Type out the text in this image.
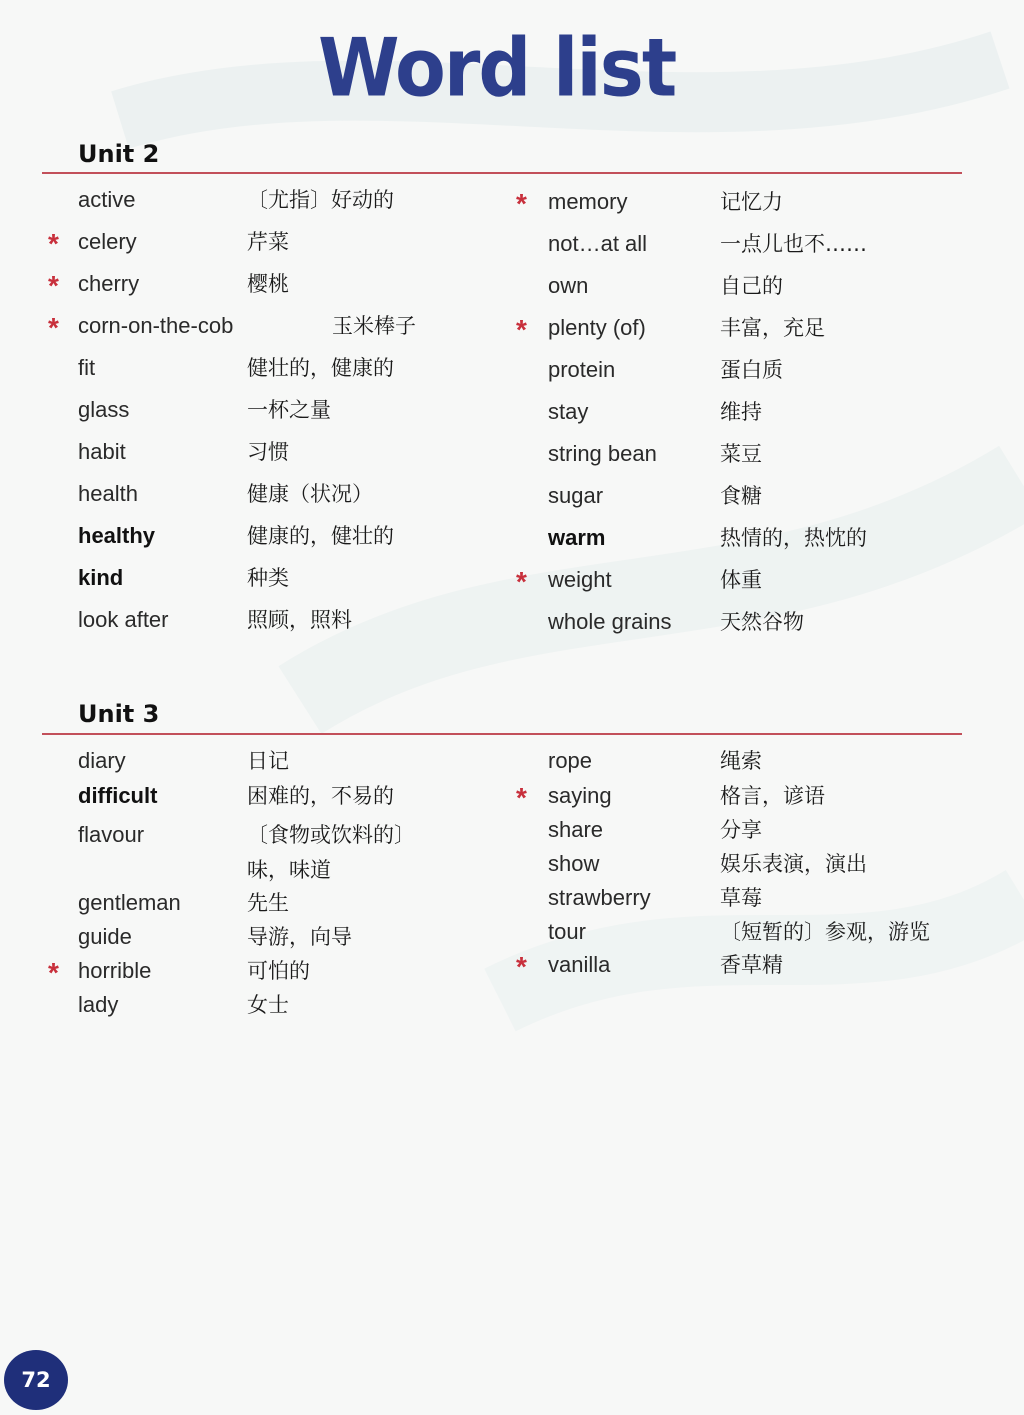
Word list
Unit 2
active	〔尤指〕好动的
* celery	芹菜
* cherry	樱桃
* corn-on-the-cob	玉米棒子
fit	健壮的，健康的
glass	一杯之量
habit	习惯
health	健康（状况）
healthy	健康的，健壮的
kind	种类
look after	照顾，照料
* memory	记忆力
not…at all	一点儿也不……
own	自己的
* plenty (of)	丰富，充足
protein	蛋白质
stay	维持
string bean	菜豆
sugar	食糖
warm	热情的，热忱的
* weight	体重
whole grains 天然谷物
Unit 3
diary	日记
difficult	困难的，不易的
flavour	〔食物或饮料的〕
味，味道
gentleman	先生
guide	导游，向导
* horrible	可怕的
lady	女士
rope	绳索
* saying	格言，谚语
share	分享
show	娱乐表演，演出
strawberry	草莓
tour	〔短暂的〕参观，游览
* vanilla	香草精
72
